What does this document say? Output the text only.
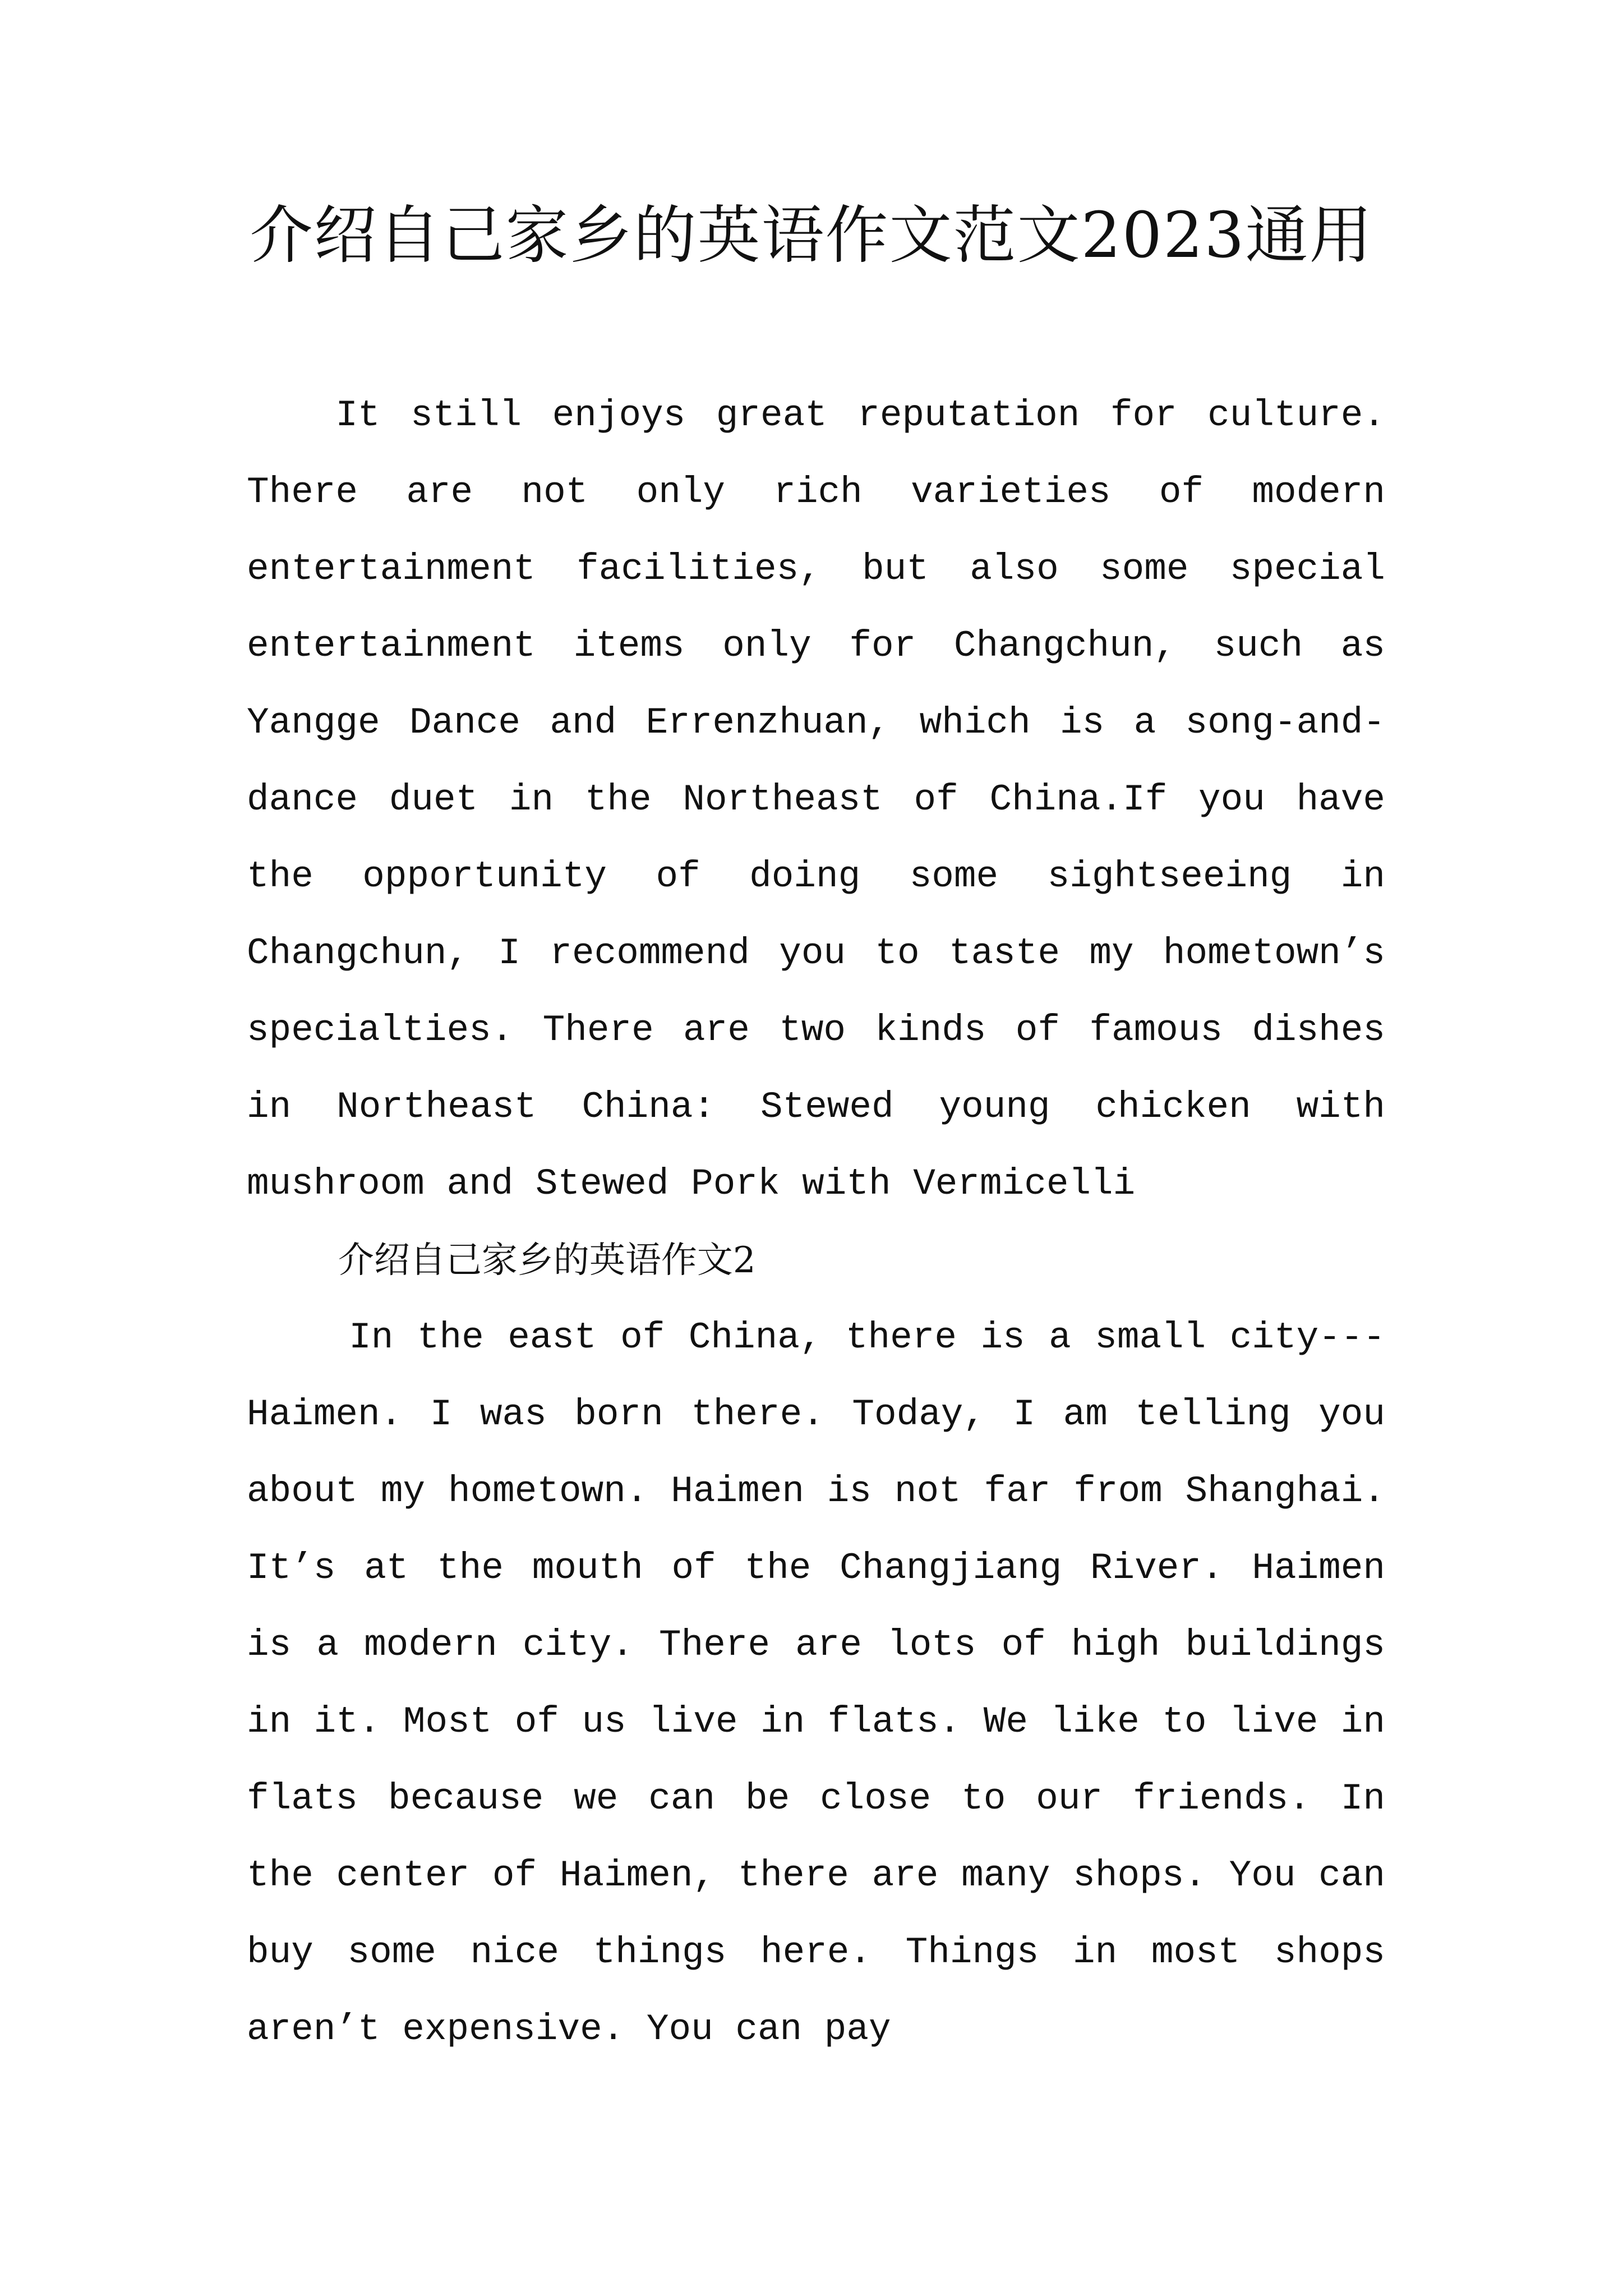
介绍自己家乡的英语作文范文2023通用

It still enjoys great reputation for culture. There are not only rich varieties of modern entertainment facilities, but also some special entertainment items only for Changchun, such as Yangge Dance and Errenzhuan, which is a song-and-dance duet in the Northeast of China.If you have the opportunity of doing some sightseeing in Changchun, I recommend you to taste my hometown’s specialties. There are two kinds of famous dishes in Northeast China: Stewed young chicken with mushroom and Stewed Pork with Vermicelli

介绍自己家乡的英语作文2

In the east of China, there is a small city---Haimen. I was born there. Today, I am telling you about my hometown. Haimen is not far from Shanghai. It’s at the mouth of the Changjiang River. Haimen is a modern city. There are lots of high buildings in it. Most of us live in flats. We like to live in flats because we can be close to our friends. In the center of Haimen, there are many shops. You can buy some nice things here. Things in most shops aren’t expensive. You can pay
